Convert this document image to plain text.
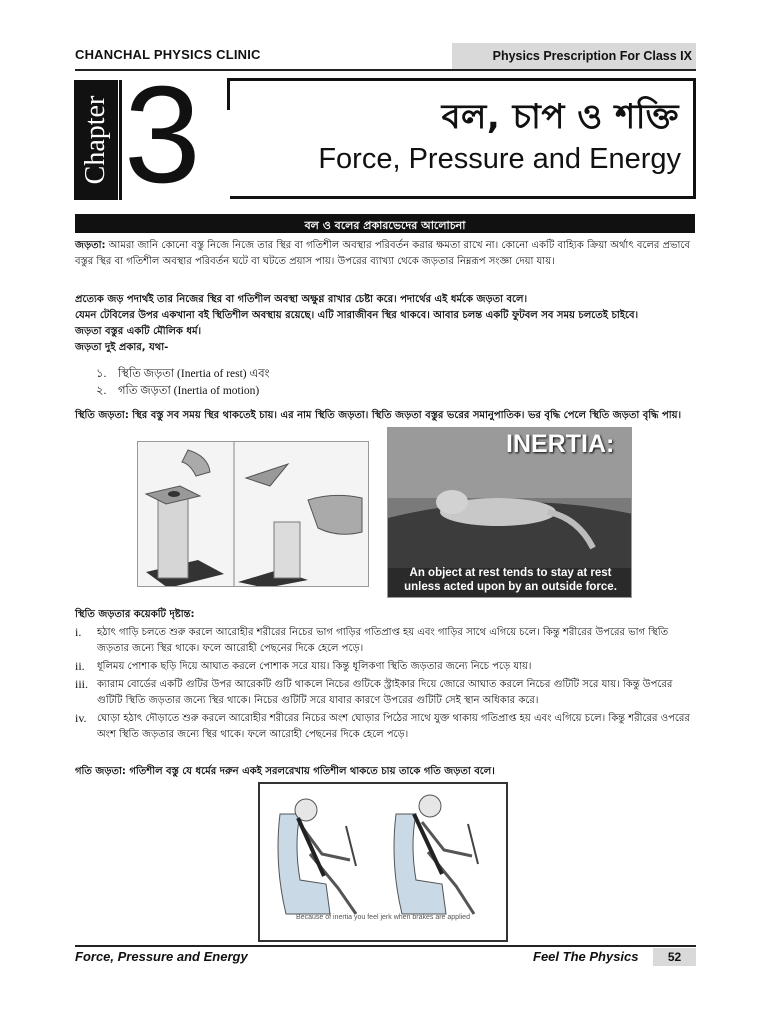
CHANCHAL PHYSICS CLINIC	Physics Prescription For Class IX
Chapter 3	বল, চাপ ও শক্তি
Force, Pressure and Energy
বল ও বলের প্রকারভেদের আলোচনা
জড়তা: আমরা জানি কোনো বস্তু নিজে নিজে তার স্থির বা গতিশীল অবস্থার পরিবর্তন করার ক্ষমতা রাখে না। কোনো একটি বাহ্যিক ক্রিয়া অর্থাৎ বলের প্রভাবে বস্তুর স্থির বা গতিশীল অবস্থার পরিবর্তন ঘটে বা ঘটতে প্রয়াস পায়। উপরের ব্যাখ্যা থেকে জড়তার নিম্নরূপ সংজ্ঞা দেয়া যায়।
প্রত্যেক জড় পদার্থই তার নিজের স্থির বা গতিশীল অবস্থা অক্ষুণ্ণ রাখার চেষ্টা করে। পদার্থের এই ধর্মকে জড়তা বলে।
যেমন টেবিলের উপর একখানা বই স্থিতিশীল অবস্থায় রয়েছে। এটি সারাজীবন স্থির থাকবে। আবার চলন্ত একটি ফুটবল সব সময় চলতেই চাইবে।
জড়তা বস্তুর একটি মৌলিক ধর্ম।
জড়তা দুই প্রকার, যথা-
১. স্থিতি জড়তা (Inertia of rest) এবং
২. গতি জড়তা (Inertia of motion)
স্থিতি জড়তা: স্থির বস্তু সব সময় স্থির থাকতেই চায়। এর নাম স্থিতি জড়তা। স্থিতি জড়তা বস্তুর ভরের সমানুপাতিক। ভর বৃদ্ধি পেলে স্থিতি জড়তা বৃদ্ধি পায়।
INERTIA:
An object at rest tends to stay at rest
unless acted upon by an outside force.
স্থিতি জড়তার কয়েকটি দৃষ্টান্ত:
i. হঠাৎ গাড়ি চলতে শুরু করলে আরোহীর শরীরের নিচের ভাগ গাড়ির গতিপ্রাপ্ত হয় এবং গাড়ির সাথে এগিয়ে চলে। কিন্তু শরীরের উপরের ভাগ স্থিতি জড়তার জন্যে স্থির থাকে। ফলে আরোহী পেছনের দিকে হেলে পড়ে।
ii. ধূলিময় পোশাক ছড়ি দিয়ে আঘাত করলে পোশাক সরে যায়। কিন্তু ধূলিকণা স্থিতি জড়তার জন্যে নিচে পড়ে যায়।
iii. ক্যারাম বোর্ডের একটি গুটির উপর আরেকটি গুটি থাকলে নিচের গুটিকে স্ট্রাইকার দিয়ে জোরে আঘাত করলে নিচের গুটিটি সরে যায়। কিন্তু উপরের গুটিটি স্থিতি জড়তার জন্যে স্থির থাকে। নিচের গুটিটি সরে যাবার কারণে উপরের গুটিটি সেই স্থান অধিকার করে।
iv. ঘোড়া হঠাৎ দৌড়াতে শুরু করলে আরোহীর শরীরের নিচের অংশ ঘোড়ার পিঠের সাথে যুক্ত থাকায় গতিপ্রাপ্ত হয় এবং এগিয়ে চলে। কিন্তু শরীরের ওপরের অংশ স্থিতি জড়তার জন্যে স্থির থাকে। ফলে আরোহী পেছনের দিকে হেলে পড়ে।
গতি জড়তা: গতিশীল বস্তু যে ধর্মের দরুন একই সরলরেখায় গতিশীল থাকতে চায় তাকে গতি জড়তা বলে।
Because of inertia you feel jerk when brakes are applied
Force, Pressure and Energy	Feel The Physics	52
